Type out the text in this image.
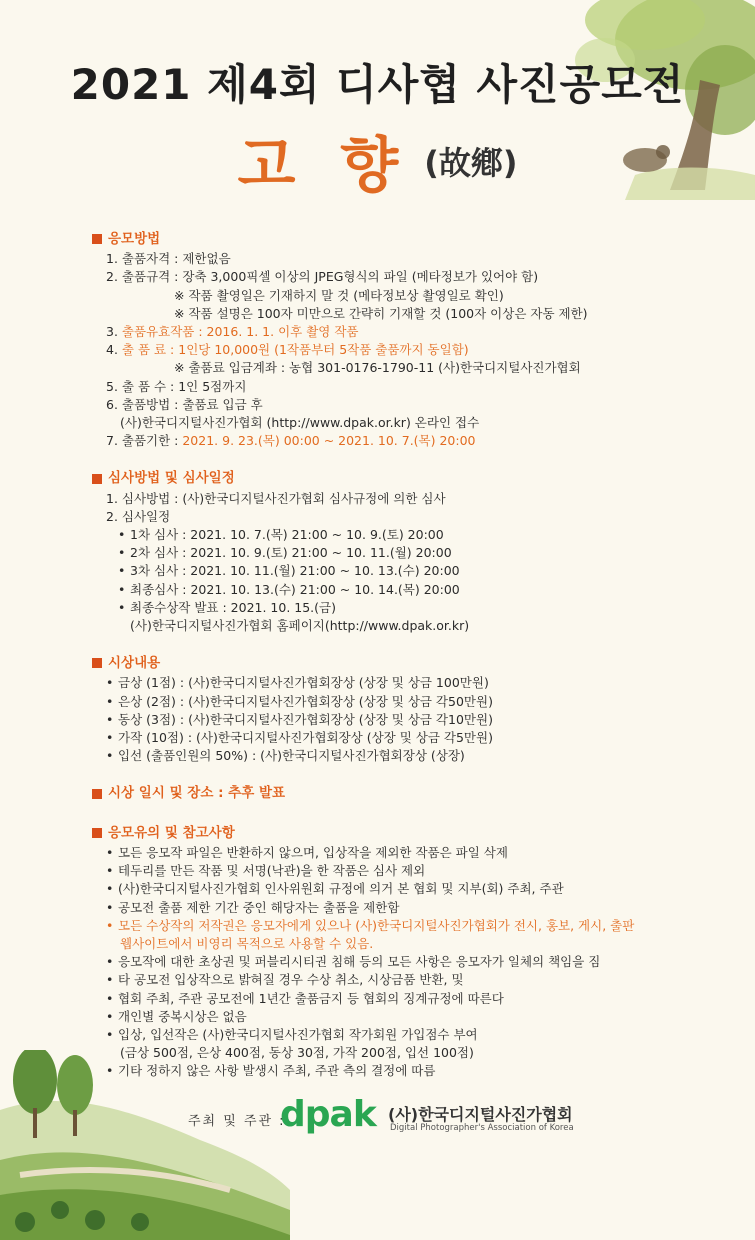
2021 제4회 디사협 사진공모전
고 향 (故鄕)
응모방법
1. 출품자격 : 제한없음
2. 출품규격 : 장축 3,000픽셀 이상의 JPEG형식의 파일 (메타정보가 있어야 함)
※ 작품 촬영일은 기재하지 말 것 (메타정보상 촬영일로 확인)
※ 작품 설명은 100자 미만으로 간략히 기재할 것 (100자 이상은 자동 제한)
3. 출품유효작품 : 2016. 1. 1. 이후 촬영 작품
4. 출 품 료 : 1인당 10,000원 (1작품부터 5작품 출품까지 동일함)
※ 출품료 입금계좌 : 농협 301-0176-1790-11 (사)한국디지털사진가협회
5. 출 품 수 : 1인 5점까지
6. 출품방법 : 출품료 입금 후
(사)한국디지털사진가협회 (http://www.dpak.or.kr) 온라인 접수
7. 출품기한 : 2021. 9. 23.(목) 00:00 ~ 2021. 10. 7.(목) 20:00
심사방법 및 심사일정
1. 심사방법 : (사)한국디지털사진가협회 심사규정에 의한 심사
2. 심사일정
• 1차 심사 : 2021. 10. 7.(목) 21:00 ~ 10. 9.(토) 20:00
• 2차 심사 : 2021. 10. 9.(토) 21:00 ~ 10. 11.(월) 20:00
• 3차 심사 : 2021. 10. 11.(월) 21:00 ~ 10. 13.(수) 20:00
• 최종심사 : 2021. 10. 13.(수) 21:00 ~ 10. 14.(목) 20:00
• 최종수상작 발표 : 2021. 10. 15.(금)
(사)한국디지털사진가협회 홈페이지(http://www.dpak.or.kr)
시상내용
• 금상 (1점) : (사)한국디지털사진가협회장상 (상장 및 상금 100만원)
• 은상 (2점) : (사)한국디지털사진가협회장상 (상장 및 상금 각50만원)
• 동상 (3점) : (사)한국디지털사진가협회장상 (상장 및 상금 각10만원)
• 가작 (10점) : (사)한국디지털사진가협회장상 (상장 및 상금 각5만원)
• 입선 (출품인원의 50%) : (사)한국디지털사진가협회장상 (상장)
시상 일시 및 장소 : 추후 발표
응모유의 및 참고사항
• 모든 응모작 파일은 반환하지 않으며, 입상작을 제외한 작품은 파일 삭제
• 테두리를 만든 작품 및 서명(낙관)을 한 작품은 심사 제외
• (사)한국디지털사진가협회 인사위원회 규정에 의거 본 협회 및 지부(회) 주최, 주관
• 공모전 출품 제한 기간 중인 해당자는 출품을 제한함
• 모든 수상작의 저작권은 응모자에게 있으나 (사)한국디지털사진가협회가 전시, 홍보, 게시, 출판
웹사이트에서 비영리 목적으로 사용할 수 있음.
• 응모작에 대한 초상권 및 퍼블리시티권 침해 등의 모든 사항은 응모자가 일체의 책임을 짐
• 타 공모전 입상작으로 밝혀질 경우 수상 취소, 시상금품 반환, 및
• 협회 주최, 주관 공모전에 1년간 출품금지 등 협회의 징계규정에 따른다
• 개인별 중복시상은 없음
• 입상, 입선작은 (사)한국디지털사진가협회 작가회원 가입점수 부여
(금상 500점, 은상 400점, 동상 30점, 가작 200점, 입선 100점)
• 기타 정하지 않은 사항 발생시 주최, 주관 측의 결정에 따름
주최 및 주관 :
dpak (사)한국디지털사진가협회
Digital Photographer's Association of Korea
